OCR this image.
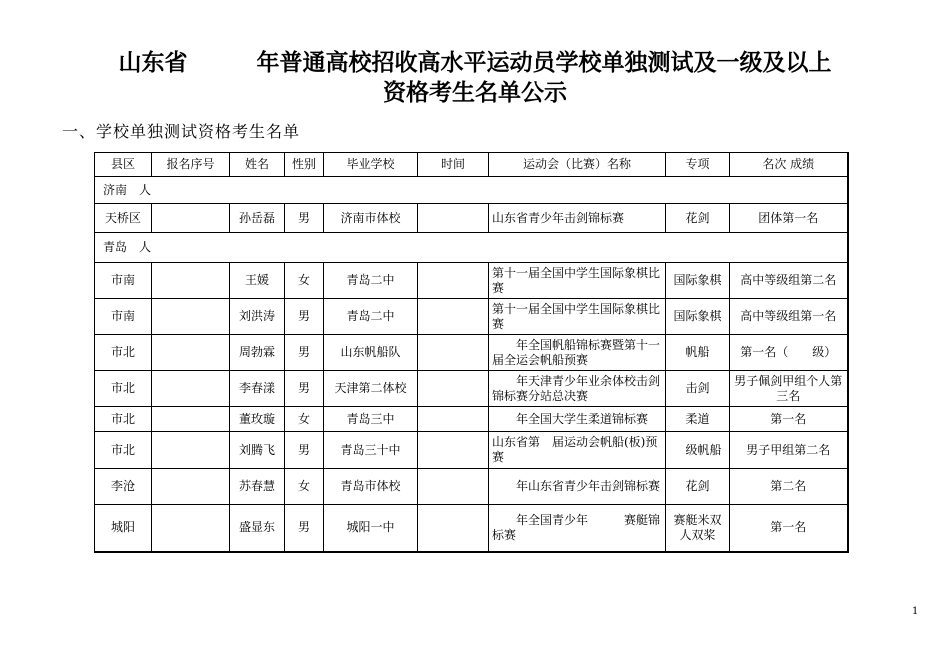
山东省　　　年普通高校招收高水平运动员学校单独测试及一级及以上
资格考生名单公示
一、学校单独测试资格考生名单
县区	报名序号	姓名	性别	毕业学校	时间	运动会（比赛）名称	专项	名次 成绩
济南　人								
天桥区		孙岳磊	男	济南市体校		山东省青少年击剑锦标赛	花剑	团体第一名
青岛　人								
市南		王媛	女	青岛二中		第十一届全国中学生国际象棋比赛	国际象棋	高中等级组第二名
市南		刘洪涛	男	青岛二中		第十一届全国中学生国际象棋比赛	国际象棋	高中等级组第一名
市北		周勃霖	男	山东帆船队		　　年全国帆船锦标赛暨第十一届全运会帆船预赛	帆船	第一名（　　级）
市北		李春漾	男	天津第二体校		　　年天津青少年业余体校击剑锦标赛分站总决赛	击剑	男子佩剑甲组个人第三名
市北		董玫璇	女	青岛三中		　　年全国大学生柔道锦标赛	柔道	第一名
市北		刘腾飞	男	青岛三十中		山东省第　届运动会帆船(板)预赛	　级帆船	男子甲组第二名
李沧		苏春慧	女	青岛市体校		　　年山东省青少年击剑锦标赛	花剑	第二名
城阳		盛显东	男	城阳一中		　　年全国青少年　　　赛艇锦标赛	赛艇米双人双桨	第一名
1
